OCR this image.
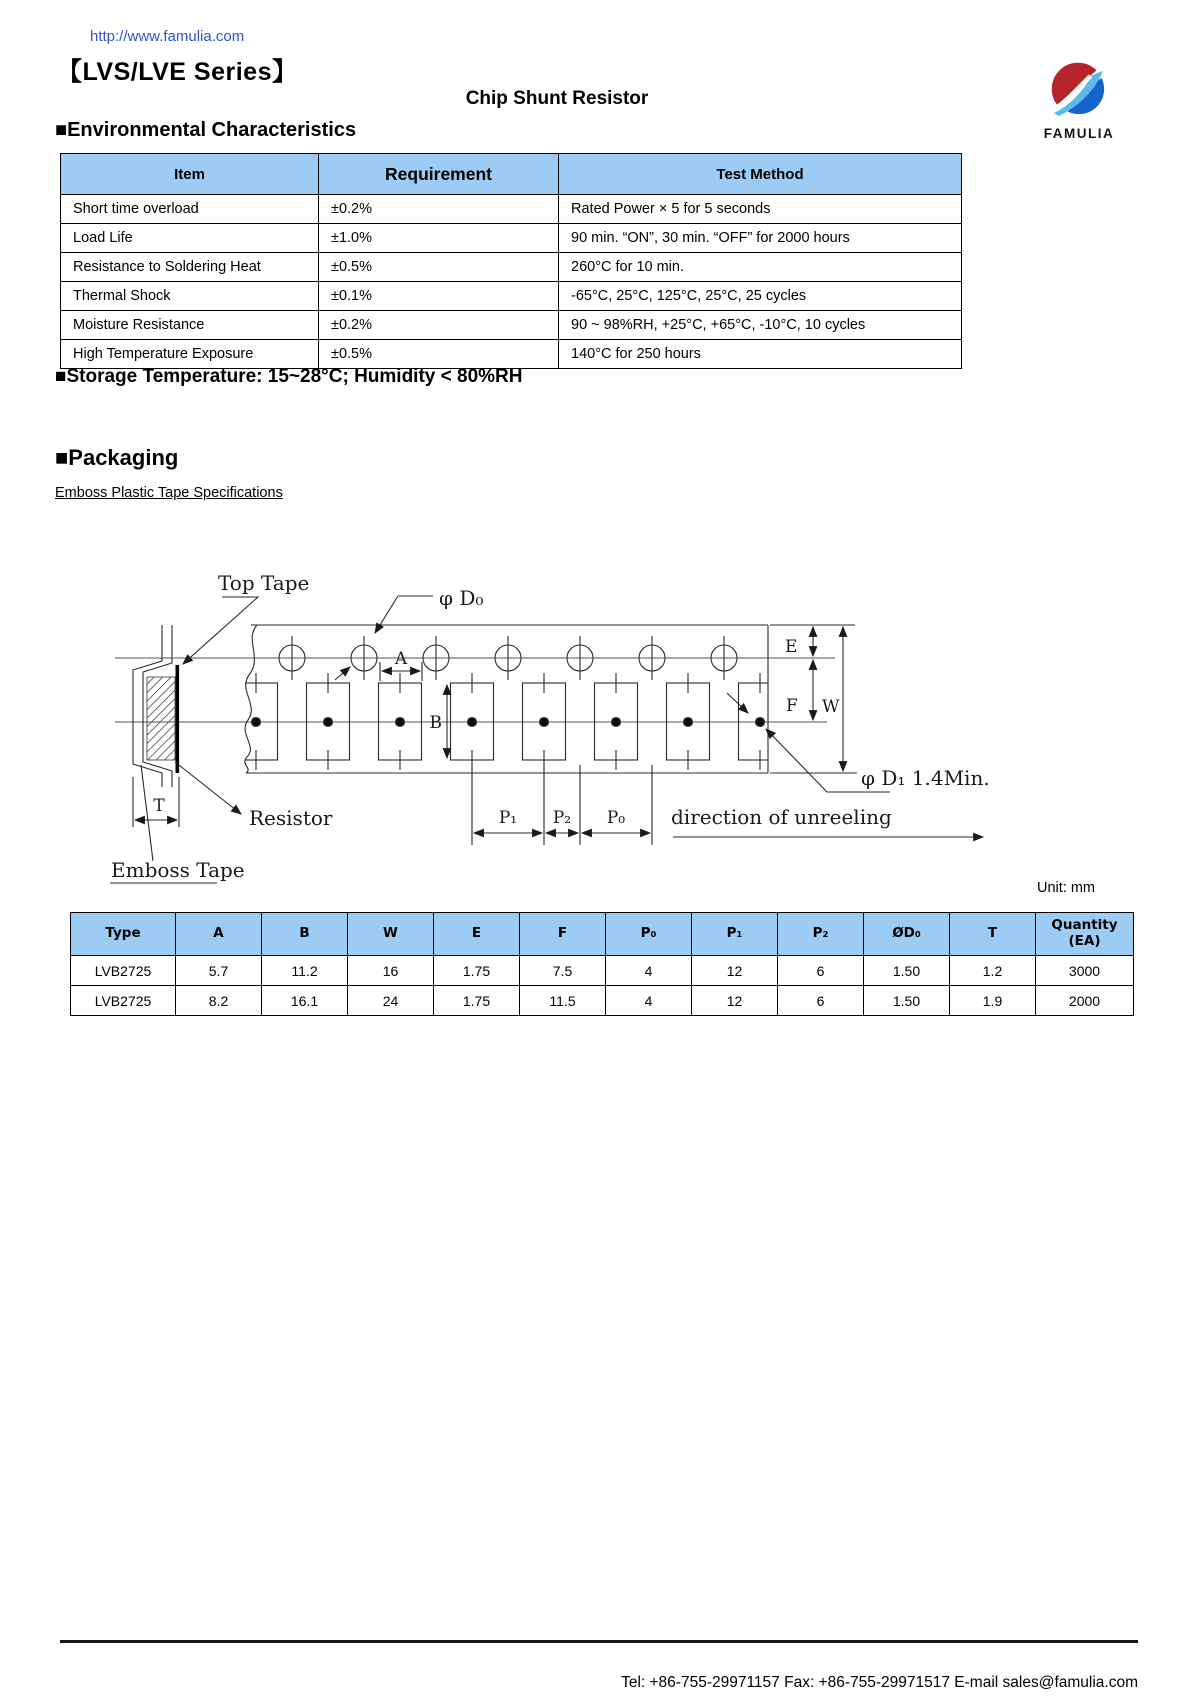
http://www.famulia.com
FAMULIA
【LVS/LVE Series】
Chip Shunt Resistor
■Environmental Characteristics
Item	Requirement	Test Method
Short time overload	±0.2%	Rated Power × 5 for 5 seconds
Load Life	±1.0%	90 min. “ON”, 30 min. “OFF” for 2000 hours
Resistance to Soldering Heat	±0.5%	260°C for 10 min.
Thermal Shock	±0.1%	-65°C, 25°C, 125°C, 25°C, 25 cycles
Moisture Resistance	±0.2%	90 ~ 98%RH, +25°C, +65°C, -10°C, 10 cycles
High Temperature Exposure	±0.5%	140°C for 250 hours
■Storage Temperature: 15~28°C; Humidity < 80%RH
■Packaging
Emboss Plastic Tape Specifications
Top Tape
φ D₀
A
B
E
F W
φ D₁ 1.4Min.
T	Resistor
Emboss Tape
P₁ P₂ P₀ direction of unreeling
Unit: mm
Type	A	B	W	E	F	P₀	P₁	P₂	ØD₀	T	Quantity (EA)
LVB2725	5.7	11.2	16	1.75	7.5	4	12	6	1.50	1.2	3000
LVB2725	8.2	16.1	24	1.75	11.5	4	12	6	1.50	1.9	2000
Tel: +86-755-29971157 Fax: +86-755-29971517 E-mail sales@famulia.com
